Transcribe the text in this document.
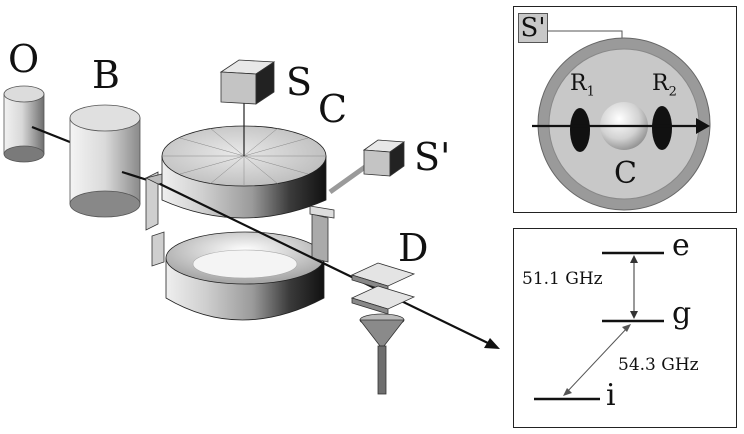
O B	S
C
S'
D
S'
$R_1$	$R_2$
C
e
g
i
51.1 GHz
54.3 GHz
